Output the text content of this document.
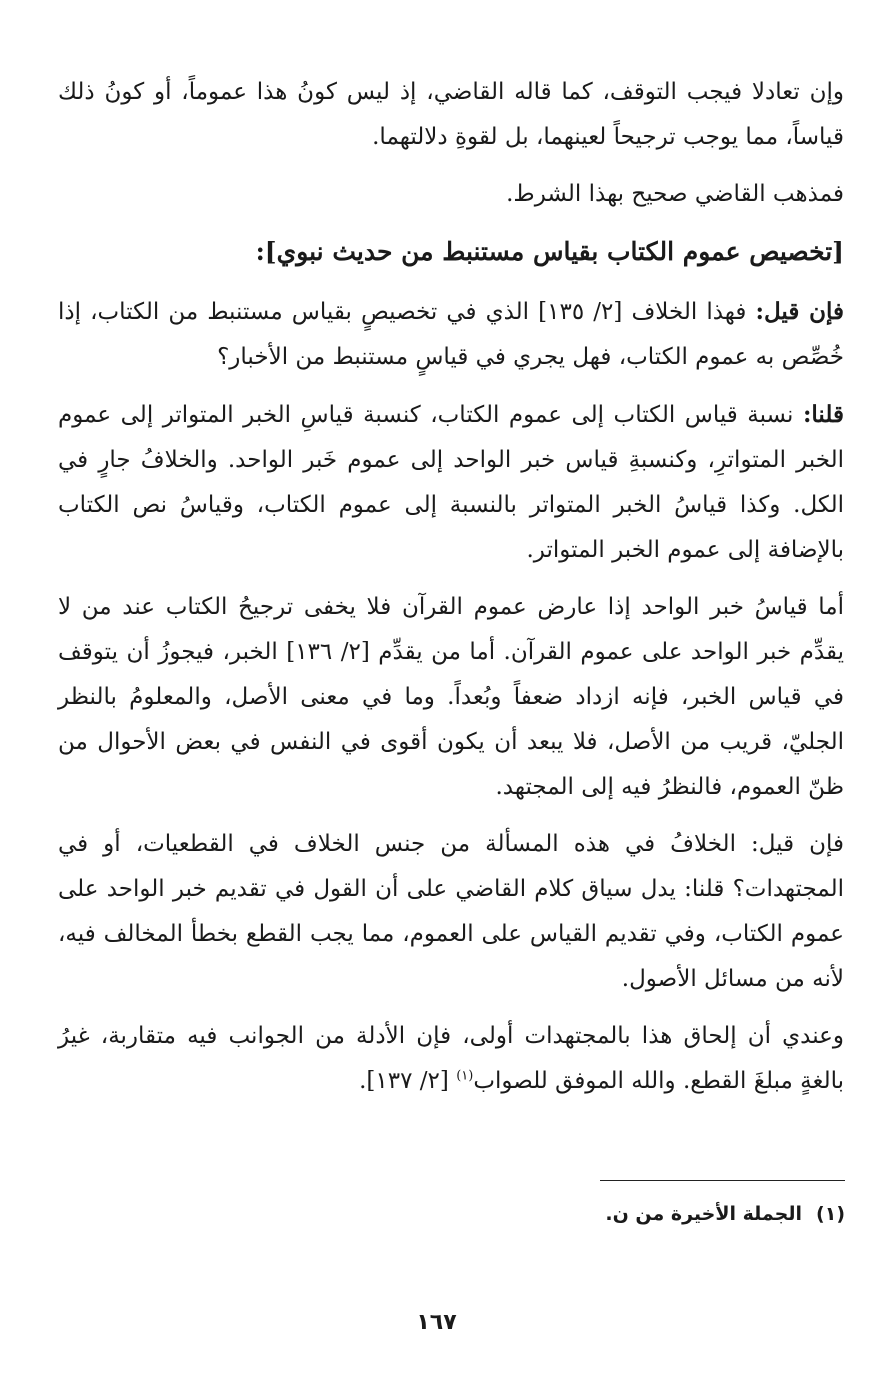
وإن تعادلا فيجب التوقف، كما قاله القاضي، إذ ليس كونُ هذا عموماً، أو كونُ ذلك قياساً، مما يوجب ترجيحاً لعينهما، بل لقوةِ دلالتهما.

فمذهب القاضي صحيح بهذا الشرط.

[تخصيص عموم الكتاب بقياس مستنبط من حديث نبوي]:

فإن قيل: فهذا الخلاف [٢/ ١٣٥] الذي في تخصيصٍ بقياس مستنبط من الكتاب، إذا خُصِّص به عموم الكتاب، فهل يجري في قياسٍ مستنبط من الأخبار؟

قلنا: نسبة قياس الكتاب إلى عموم الكتاب، كنسبة قياسِ الخبر المتواتر إلى عموم الخبر المتواترِ، وكنسبةِ قياس خبر الواحد إلى عموم خَبر الواحد. والخلافُ جارٍ في الكل. وكذا قياسُ الخبر المتواتر بالنسبة إلى عموم الكتاب، وقياسُ نص الكتاب بالإضافة إلى عموم الخبر المتواتر.

أما قياسُ خبر الواحد إذا عارض عموم القرآن فلا يخفى ترجيحُ الكتاب عند من لا يقدِّم خبر الواحد على عموم القرآن. أما من يقدِّم [٢/ ١٣٦] الخبر، فيجوزُ أن يتوقف في قياس الخبر، فإنه ازداد ضعفاً وبُعداً. وما في معنى الأصل، والمعلومُ بالنظر الجليّ، قريب من الأصل، فلا يبعد أن يكون أقوى في النفس في بعض الأحوال من ظنّ العموم، فالنظرُ فيه إلى المجتهد.

فإن قيل: الخلافُ في هذه المسألة من جنس الخلاف في القطعيات، أو في المجتهدات؟ قلنا: يدل سياق كلام القاضي على أن القول في تقديم خبر الواحد على عموم الكتاب، وفي تقديم القياس على العموم، مما يجب القطع بخطأ المخالف فيه، لأنه من مسائل الأصول.

وعندي أن إلحاق هذا بالمجتهدات أولى، فإن الأدلة من الجوانب فيه متقاربة، غيرُ بالغةٍ مبلغَ القطع. والله الموفق للصواب$^{(١)}$ [٢/ ١٣٧].

(١)الجملة الأخيرة من ن.
١٦٧
